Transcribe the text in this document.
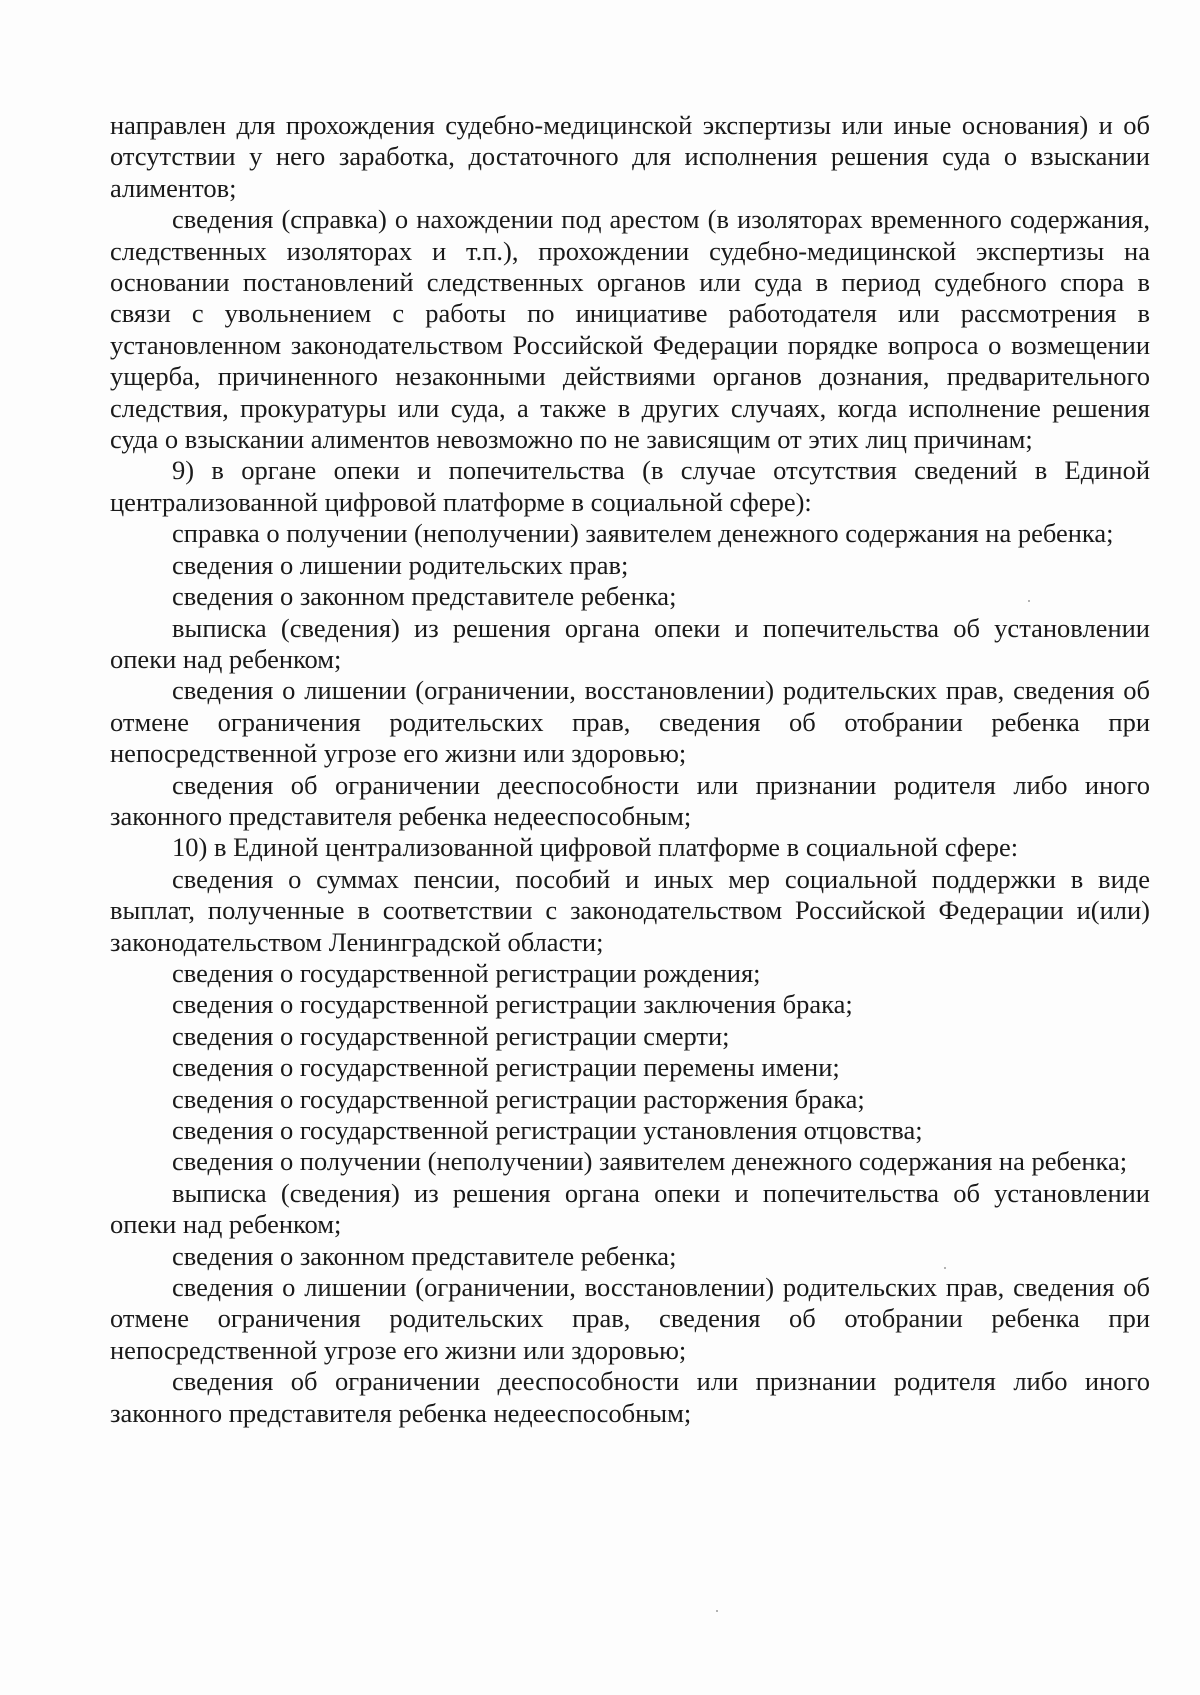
направлен для прохождения судебно-медицинской экспертизы или иные основания) и об отсутствии у него заработка, достаточного для исполнения решения суда о взыскании алиментов;

сведения (справка) о нахождении под арестом (в изоляторах временного содержания, следственных изоляторах и т.п.), прохождении судебно-медицинской экспертизы на основании постановлений следственных органов или суда в период судебного спора в связи с увольнением с работы по инициативе работодателя или рассмотрения в установленном законодательством Российской Федерации порядке вопроса о возмещении ущерба, причиненного незаконными действиями органов дознания, предварительного следствия, прокуратуры или суда, а также в других случаях, когда исполнение решения суда о взыскании алиментов невозможно по не зависящим от этих лиц причинам;

9) в органе опеки и попечительства (в случае отсутствия сведений в Единой централизованной цифровой платформе в социальной сфере):

справка о получении (неполучении) заявителем денежного содержания на ребенка;

сведения о лишении родительских прав;

сведения о законном представителе ребенка;

выписка (сведения) из решения органа опеки и попечительства об установлении опеки над ребенком;

сведения о лишении (ограничении, восстановлении) родительских прав, сведения об отмене ограничения родительских прав, сведения об отобрании ребенка при непосредственной угрозе его жизни или здоровью;

сведения об ограничении дееспособности или признании родителя либо иного законного представителя ребенка недееспособным;

10) в Единой централизованной цифровой платформе в социальной сфере:

сведения о суммах пенсии, пособий и иных мер социальной поддержки в виде выплат, полученные в соответствии с законодательством Российской Федерации и(или) законодательством Ленинградской области;

сведения о государственной регистрации рождения;

сведения о государственной регистрации заключения брака;

сведения о государственной регистрации смерти;

сведения о государственной регистрации перемены имени;

сведения о государственной регистрации расторжения брака;

сведения о государственной регистрации установления отцовства;

сведения о получении (неполучении) заявителем денежного содержания на ребенка;

выписка (сведения) из решения органа опеки и попечительства об установлении опеки над ребенком;

сведения о законном представителе ребенка;

сведения о лишении (ограничении, восстановлении) родительских прав, сведения об отмене ограничения родительских прав, сведения об отобрании ребенка при непосредственной угрозе его жизни или здоровью;

сведения об ограничении дееспособности или признании родителя либо иного законного представителя ребенка недееспособным;
